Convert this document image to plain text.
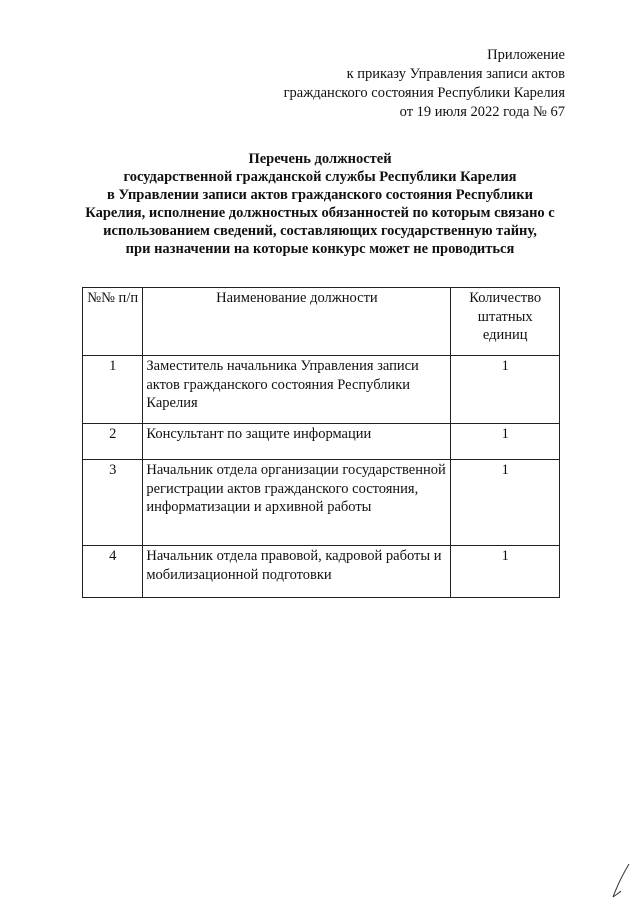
Приложение
к приказу Управления записи актов
гражданского состояния Республики Карелия
от 19 июля 2022 года № 67
Перечень должностей
государственной гражданской службы Республики Карелия
в Управлении записи актов гражданского состояния Республики
Карелия, исполнение должностных обязанностей по которым связано с
использованием сведений, составляющих государственную тайну,
при назначении на которые конкурс может не проводиться
№№ п/п	Наименование должности	Количество штатных единиц

1	Заместитель начальника Управления записи актов гражданского состояния Республики Карелия	1

2	Консультант по защите информации	1

3	Начальник отдела организации государственной регистрации актов гражданского состояния, информатизации и архивной работы	1

4	Начальник отдела правовой, кадровой работы и мобилизационной подготовки	1
